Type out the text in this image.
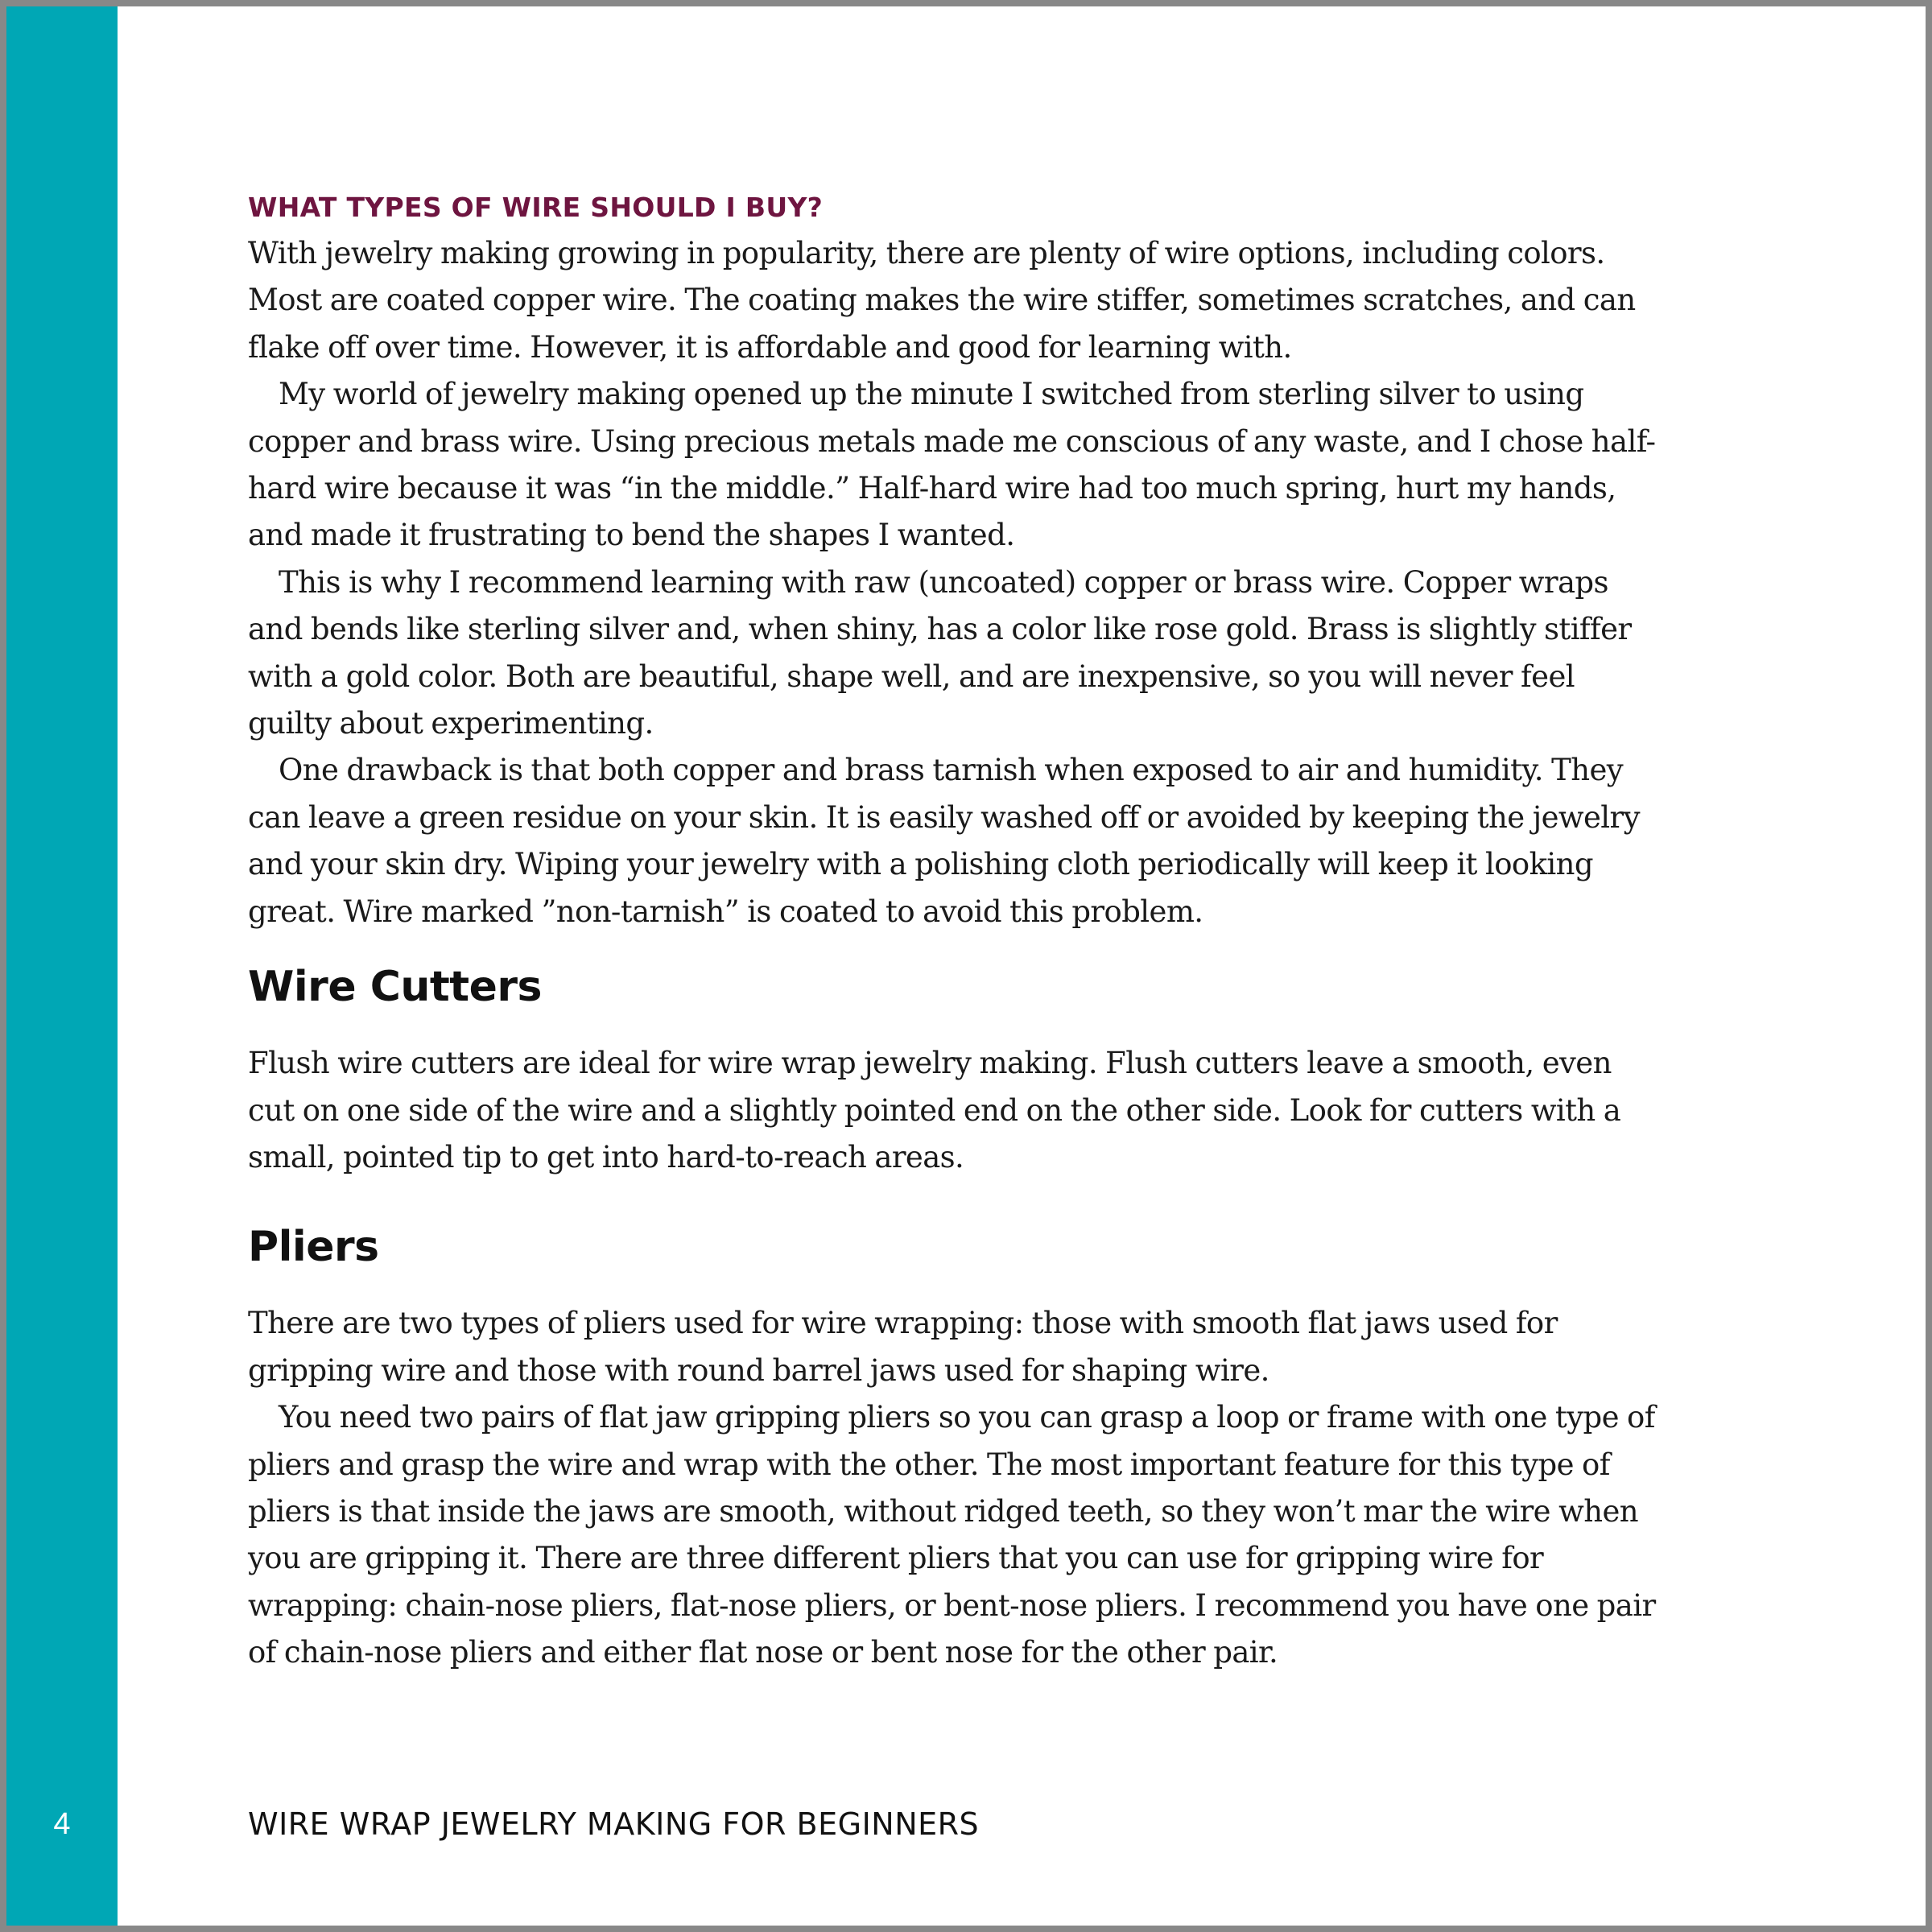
4
WHAT TYPES OF WIRE SHOULD I BUY?

With jewelry making growing in popularity, there are plenty of wire options, including colors. Most are coated copper wire. The coating makes the wire stiffer, sometimes scratches, and can flake off over time. However, it is affordable and good for learning with.

My world of jewelry making opened up the minute I switched from sterling silver to using copper and brass wire. Using precious metals made me conscious of any waste, and I chose half-hard wire because it was “in the middle.” Half-hard wire had too much spring, hurt my hands, and made it frustrating to bend the shapes I wanted.

This is why I recommend learning with raw (uncoated) copper or brass wire. Copper wraps and bends like sterling silver and, when shiny, has a color like rose gold. Brass is slightly stiffer with a gold color. Both are beautiful, shape well, and are inexpensive, so you will never feel guilty about experimenting.

One drawback is that both copper and brass tarnish when exposed to air and humidity. They can leave a green residue on your skin. It is easily washed off or avoided by keeping the jewelry and your skin dry. Wiping your jewelry with a polishing cloth periodically will keep it looking great. Wire marked ”non-tarnish” is coated to avoid this problem.

Wire Cutters

Flush wire cutters are ideal for wire wrap jewelry making. Flush cutters leave a smooth, even cut on one side of the wire and a slightly pointed end on the other side. Look for cutters with a small, pointed tip to get into hard-to-reach areas.

Pliers

There are two types of pliers used for wire wrapping: those with smooth flat jaws used for gripping wire and those with round barrel jaws used for shaping wire.

You need two pairs of flat jaw gripping pliers so you can grasp a loop or frame with one type of pliers and grasp the wire and wrap with the other. The most important feature for this type of pliers is that inside the jaws are smooth, without ridged teeth, so they won’t mar the wire when you are gripping it. There are three different pliers that you can use for gripping wire for wrapping: chain-nose pliers, flat-nose pliers, or bent-nose pliers. I recommend you have one pair of chain-nose pliers and either flat nose or bent nose for the other pair.

WIRE WRAP JEWELRY MAKING FOR BEGINNERS
